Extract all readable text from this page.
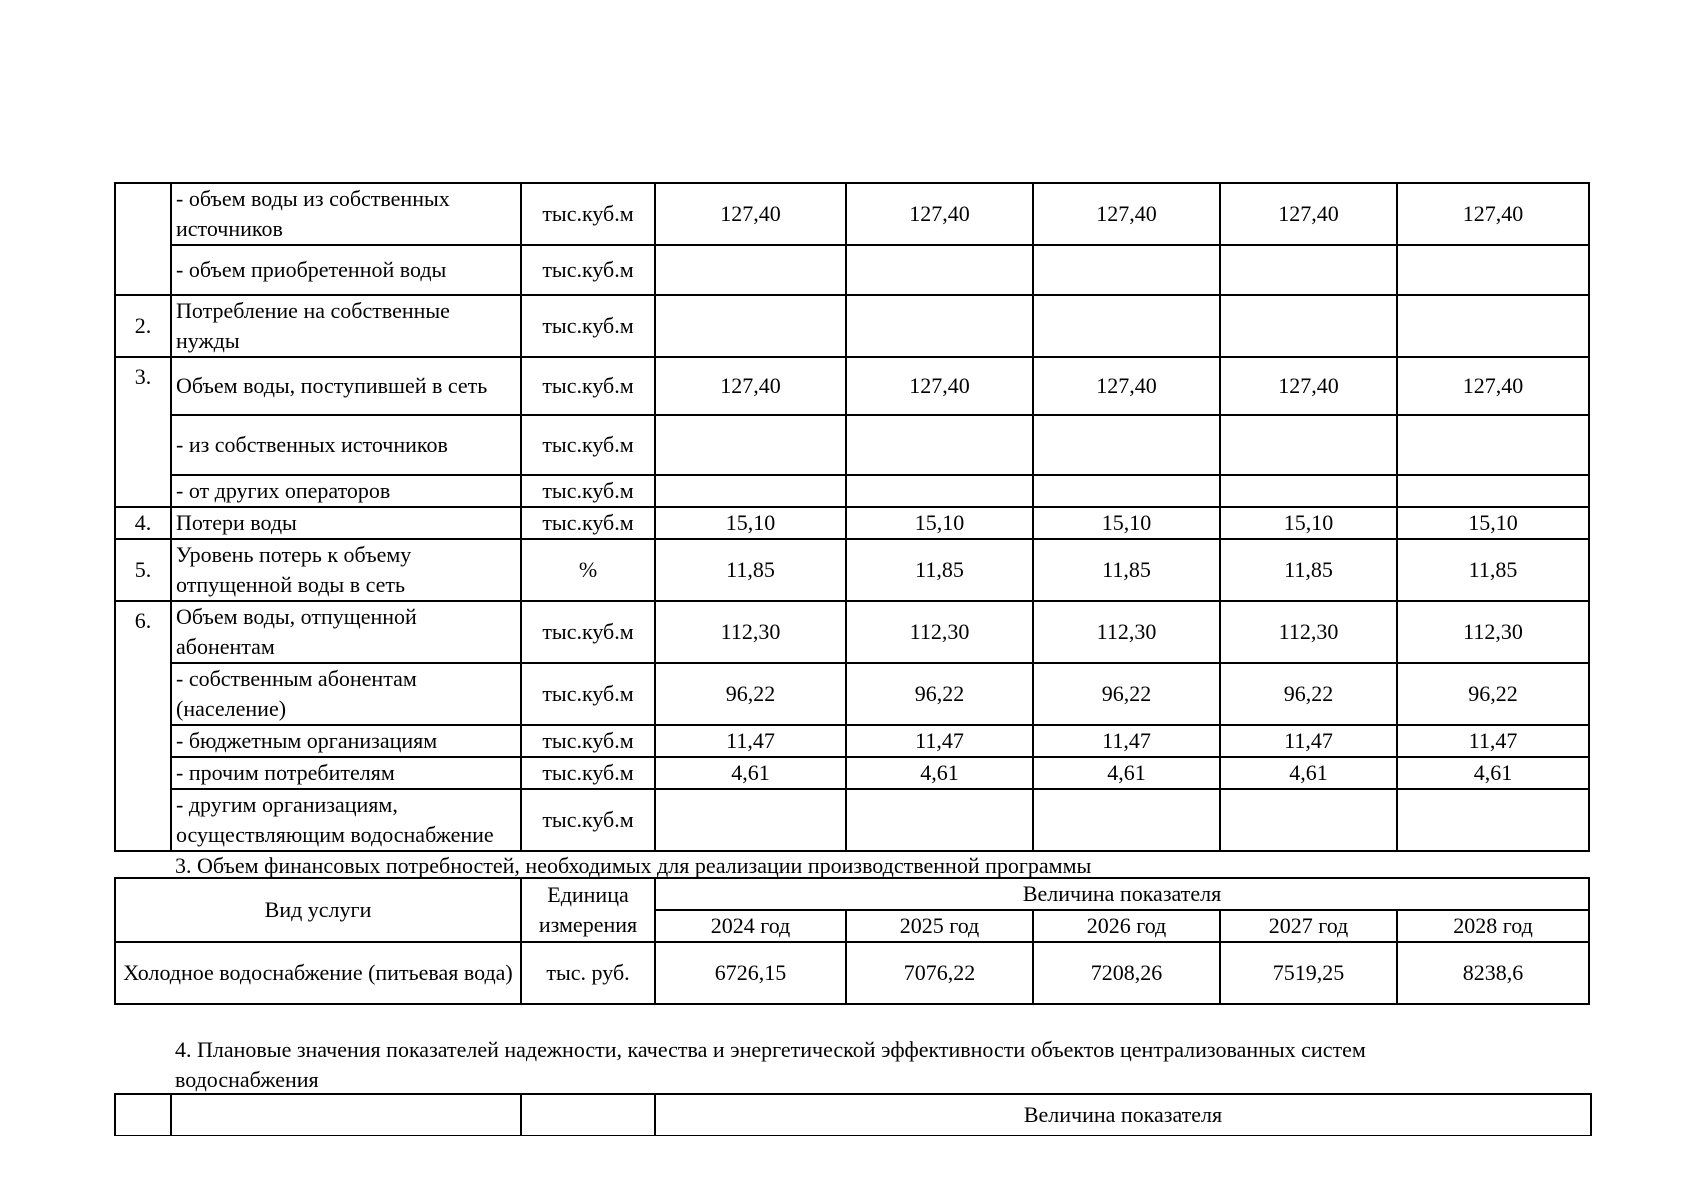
	- объем воды из собственных источников	тыс.куб.м	127,40	127,40	127,40	127,40	127,40
	- объем приобретенной воды	тыс.куб.м					
2.	Потребление на собственные нужды	тыс.куб.м					
3.	Объем воды, поступившей в сеть	тыс.куб.м	127,40	127,40	127,40	127,40	127,40
	- из собственных источников	тыс.куб.м					
	- от других операторов	тыс.куб.м					
4.	Потери воды	тыс.куб.м	15,10	15,10	15,10	15,10	15,10
5.	Уровень потерь к объему отпущенной воды в сеть	%	11,85	11,85	11,85	11,85	11,85
6.	Объем воды, отпущенной абонентам	тыс.куб.м	112,30	112,30	112,30	112,30	112,30
	- собственным абонентам (население)	тыс.куб.м	96,22	96,22	96,22	96,22	96,22
	- бюджетным организациям	тыс.куб.м	11,47	11,47	11,47	11,47	11,47
	- прочим потребителям	тыс.куб.м	4,61	4,61	4,61	4,61	4,61
	- другим организациям, осуществляющим водоснабжение	тыс.куб.м					
3. Объем финансовых потребностей, необходимых для реализации производственной программы
Вид услуги	Единица измерения	Величина показателя				
		2024 год	2025 год	2026 год	2027 год	2028 год
Холодное водоснабжение (питьевая вода)	тыс. руб.	6726,15	7076,22	7208,26	7519,25	8238,6
4. Плановые значения показателей надежности, качества и энергетической эффективности объектов централизованных систем водоснабжения
			Величина показателя
